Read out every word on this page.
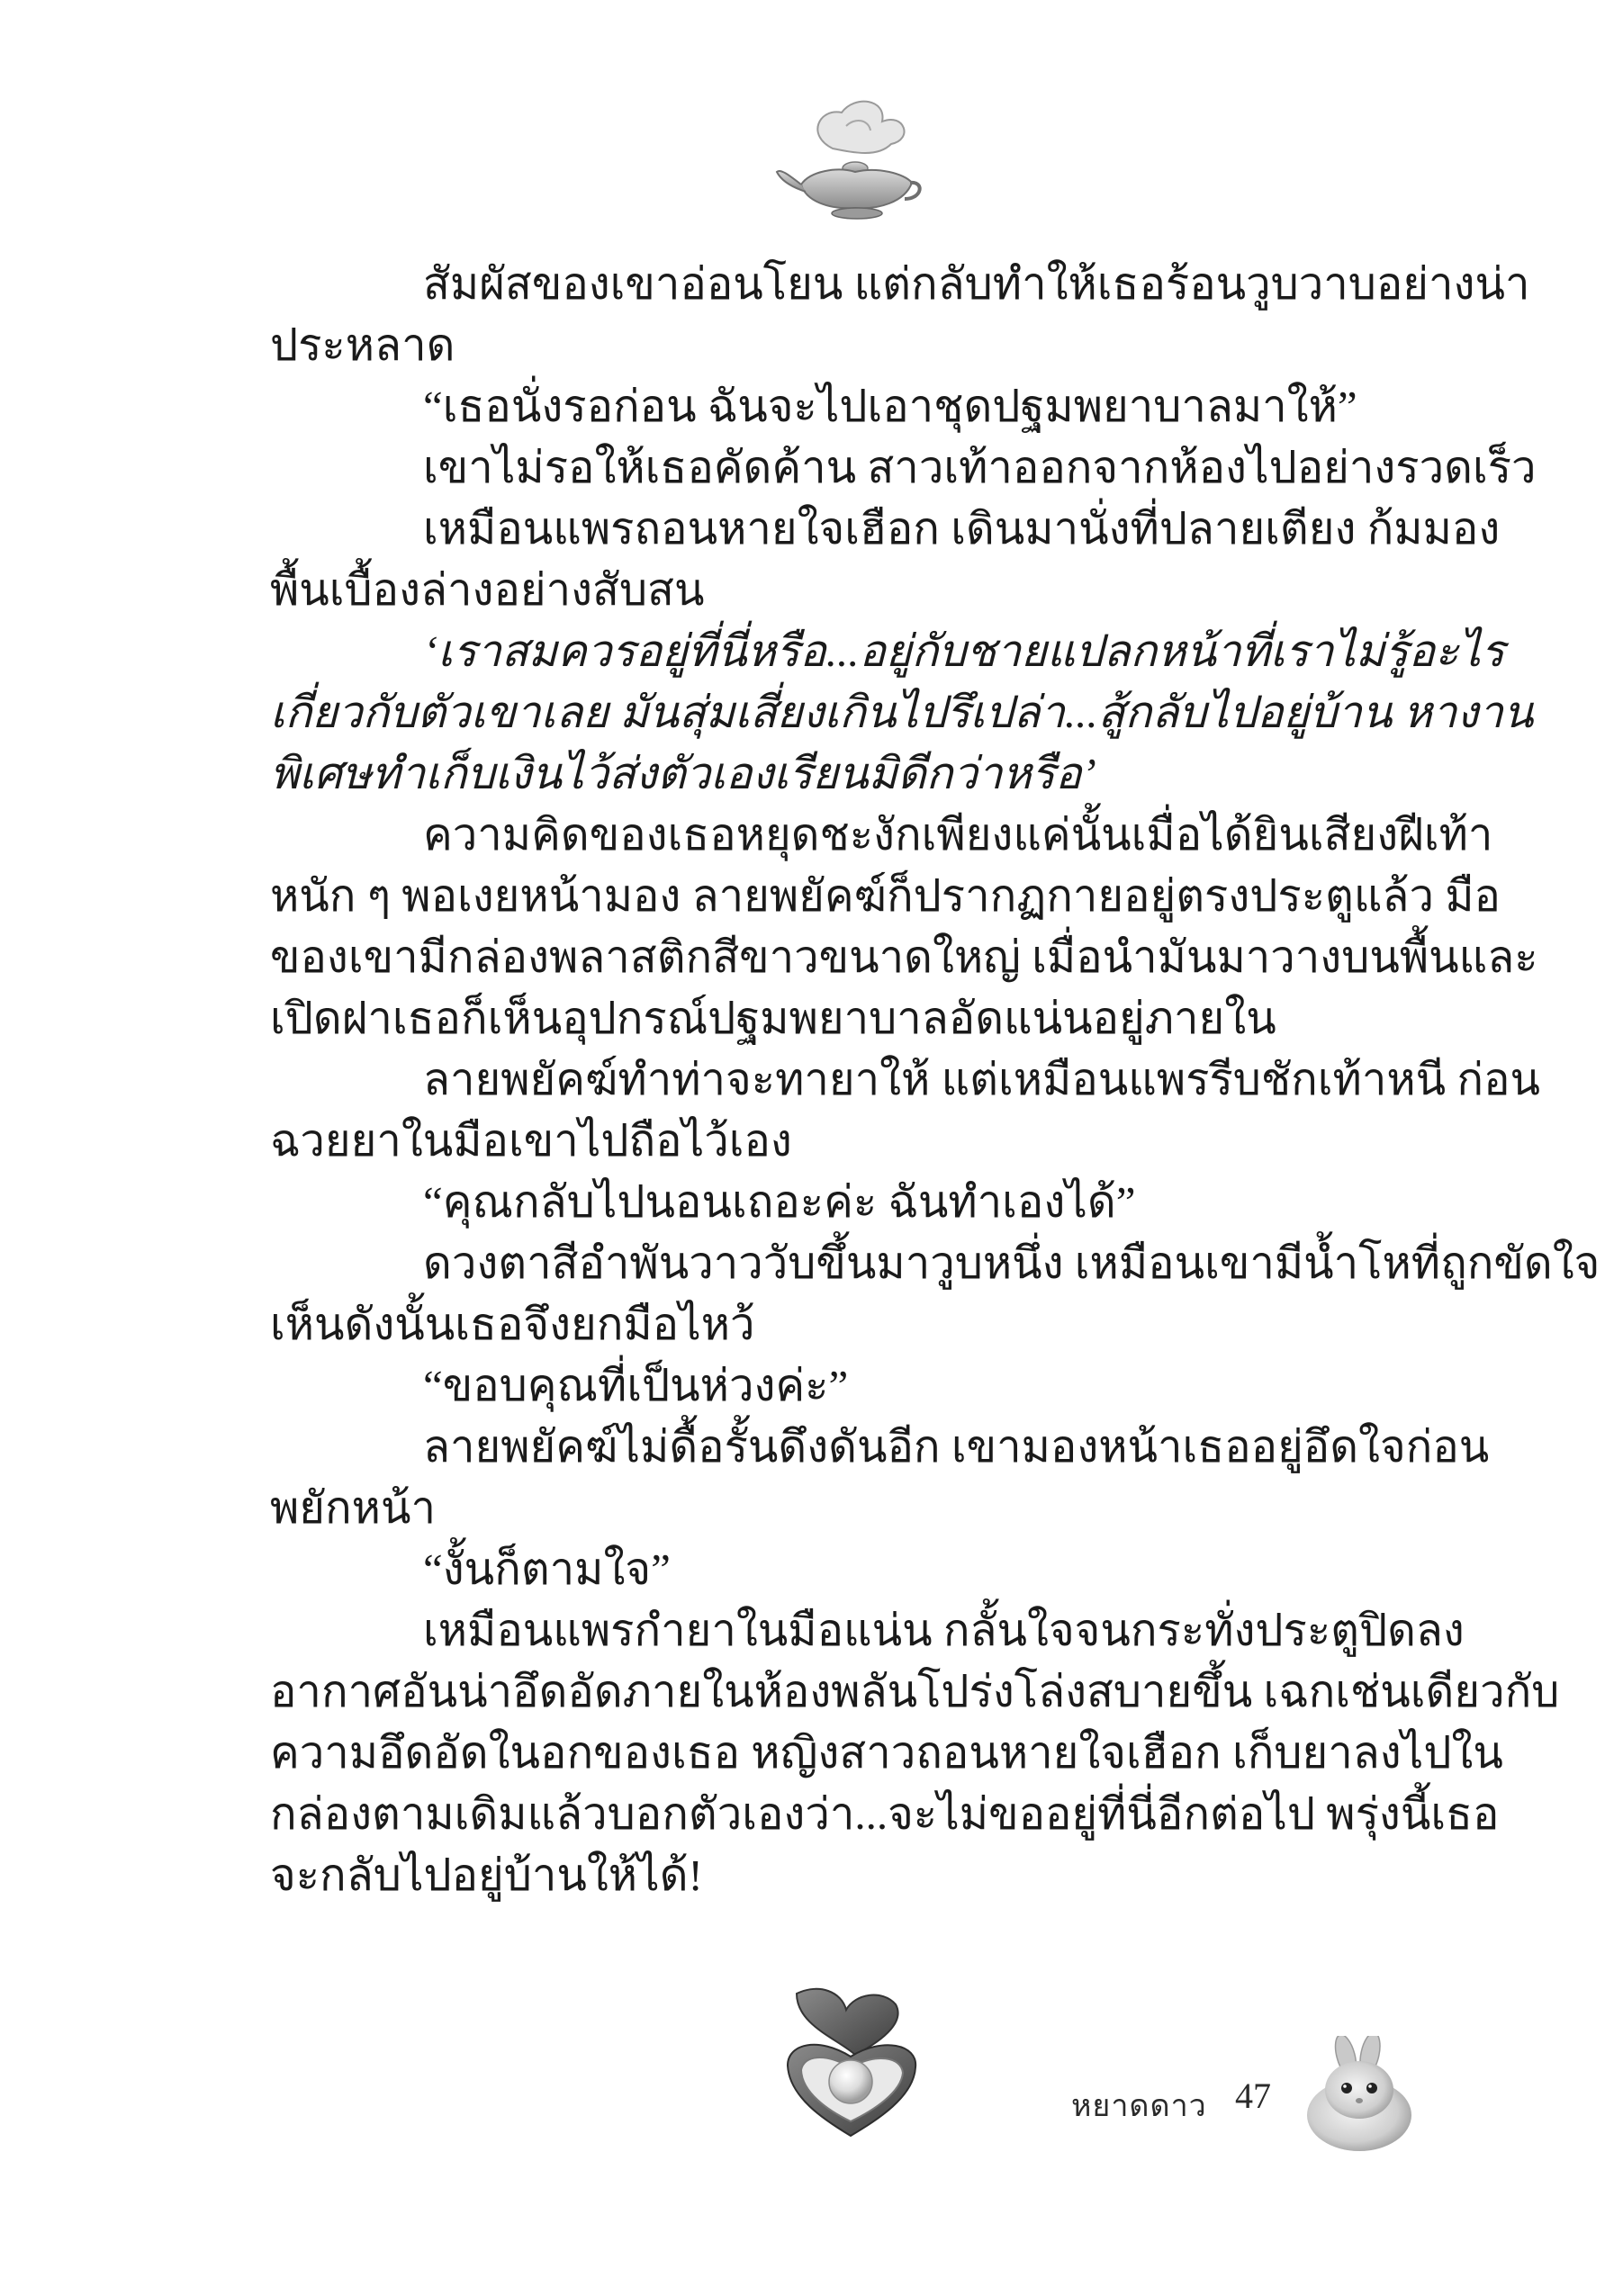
สัมผัสของเขาอ่อนโยน แต่กลับทำให้เธอร้อนวูบวาบอย่างน่า
ประหลาด
“เธอนั่งรอก่อน ฉันจะไปเอาชุดปฐมพยาบาลมาให้”
เขาไม่รอให้เธอคัดค้าน สาวเท้าออกจากห้องไปอย่างรวดเร็ว
เหมือนแพรถอนหายใจเฮือก เดินมานั่งที่ปลายเตียง ก้มมอง
พื้นเบื้องล่างอย่างสับสน
‘เราสมควรอยู่ที่นี่หรือ...อยู่กับชายแปลกหน้าที่เราไม่รู้อะไร
เกี่ยวกับตัวเขาเลย มันสุ่มเสี่ยงเกินไปรึเปล่า...สู้กลับไปอยู่บ้าน หางาน
พิเศษทำเก็บเงินไว้ส่งตัวเองเรียนมิดีกว่าหรือ’
ความคิดของเธอหยุดชะงักเพียงแค่นั้นเมื่อได้ยินเสียงฝีเท้า
หนัก ๆ พอเงยหน้ามอง ลายพยัคฆ์ก็ปรากฏกายอยู่ตรงประตูแล้ว มือ
ของเขามีกล่องพลาสติกสีขาวขนาดใหญ่ เมื่อนำมันมาวางบนพื้นและ
เปิดฝาเธอก็เห็นอุปกรณ์ปฐมพยาบาลอัดแน่นอยู่ภายใน
ลายพยัคฆ์ทำท่าจะทายาให้ แต่เหมือนแพรรีบชักเท้าหนี ก่อน
ฉวยยาในมือเขาไปถือไว้เอง
“คุณกลับไปนอนเถอะค่ะ ฉันทำเองได้”
ดวงตาสีอำพันวาววับขึ้นมาวูบหนึ่ง เหมือนเขามีน้ำโหที่ถูกขัดใจ
เห็นดังนั้นเธอจึงยกมือไหว้
“ขอบคุณที่เป็นห่วงค่ะ”
ลายพยัคฆ์ไม่ดื้อรั้นดึงดันอีก เขามองหน้าเธออยู่อึดใจก่อน
พยักหน้า
“งั้นก็ตามใจ”
เหมือนแพรกำยาในมือแน่น กลั้นใจจนกระทั่งประตูปิดลง
อากาศอันน่าอึดอัดภายในห้องพลันโปร่งโล่งสบายขึ้น เฉกเช่นเดียวกับ
ความอึดอัดในอกของเธอ หญิงสาวถอนหายใจเฮือก เก็บยาลงไปใน
กล่องตามเดิมแล้วบอกตัวเองว่า...จะไม่ขออยู่ที่นี่อีกต่อไป พรุ่งนี้เธอ
จะกลับไปอยู่บ้านให้ได้!
หยาดดาว 47
